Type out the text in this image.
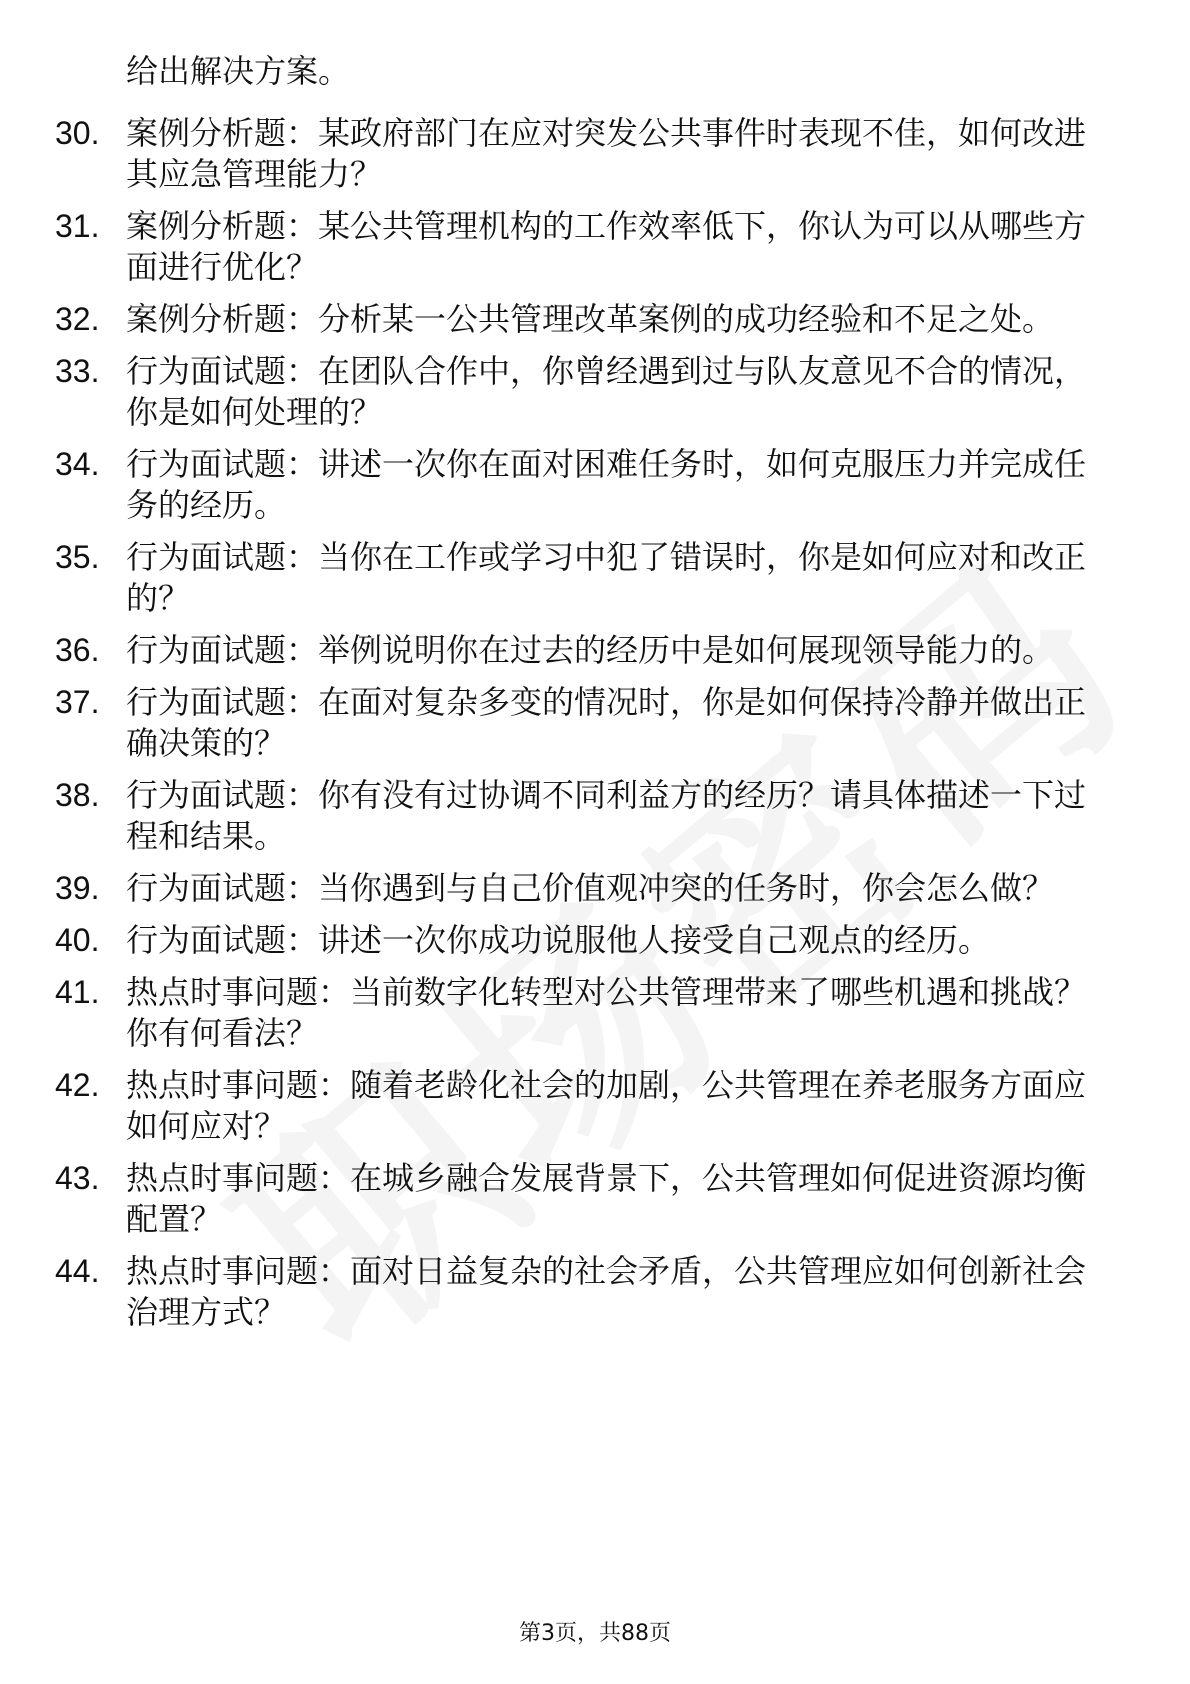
给出解决方案。

30. 案例分析题：某政府部门在应对突发公共事件时表现不佳，如何改进其应急管理能力？
31. 案例分析题：某公共管理机构的工作效率低下，你认为可以从哪些方面进行优化？
32. 案例分析题：分析某一公共管理改革案例的成功经验和不足之处。
33. 行为面试题：在团队合作中，你曾经遇到过与队友意见不合的情况，你是如何处理的？
34. 行为面试题：讲述一次你在面对困难任务时，如何克服压力并完成任务的经历。
35. 行为面试题：当你在工作或学习中犯了错误时，你是如何应对和改正的？
36. 行为面试题：举例说明你在过去的经历中是如何展现领导能力的。
37. 行为面试题：在面对复杂多变的情况时，你是如何保持冷静并做出正确决策的？
38. 行为面试题：你有没有过协调不同利益方的经历？请具体描述一下过程和结果。
39. 行为面试题：当你遇到与自己价值观冲突的任务时，你会怎么做？
40. 行为面试题：讲述一次你成功说服他人接受自己观点的经历。
41. 热点时事问题：当前数字化转型对公共管理带来了哪些机遇和挑战？你有何看法？
42. 热点时事问题：随着老龄化社会的加剧，公共管理在养老服务方面应如何应对？
43. 热点时事问题：在城乡融合发展背景下，公共管理如何促进资源均衡配置？
44. 热点时事问题：面对日益复杂的社会矛盾，公共管理应如何创新社会治理方式？
第3页，共88页
